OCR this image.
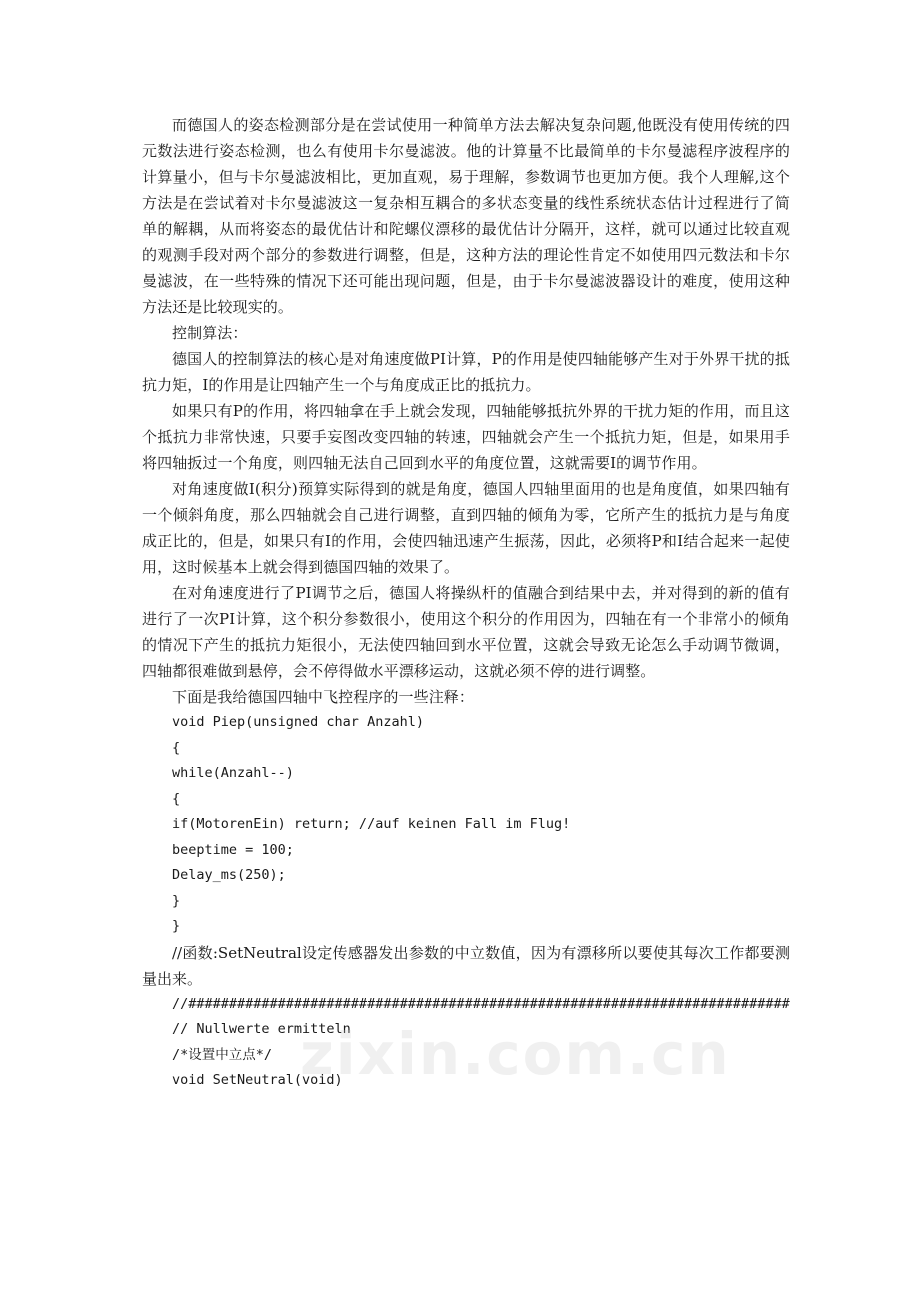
而德国人的姿态检测部分是在尝试使用一种简单方法去解决复杂问题,他既没有使用传统的四元数法进行姿态检测，也么有使用卡尔曼滤波。他的计算量不比最简单的卡尔曼滤程序波程序的计算量小，但与卡尔曼滤波相比，更加直观，易于理解，参数调节也更加方便。我个人理解,这个方法是在尝试着对卡尔曼滤波这一复杂相互耦合的多状态变量的线性系统状态估计过程进行了简单的解耦，从而将姿态的最优估计和陀螺仪漂移的最优估计分隔开，这样，就可以通过比较直观的观测手段对两个部分的参数进行调整，但是，这种方法的理论性肯定不如使用四元数法和卡尔曼滤波，在一些特殊的情况下还可能出现问题，但是，由于卡尔曼滤波器设计的难度，使用这种方法还是比较现实的。

控制算法：

德国人的控制算法的核心是对角速度做PI计算，P的作用是使四轴能够产生对于外界干扰的抵抗力矩，I的作用是让四轴产生一个与角度成正比的抵抗力。

如果只有P的作用，将四轴拿在手上就会发现，四轴能够抵抗外界的干扰力矩的作用，而且这个抵抗力非常快速，只要手妄图改变四轴的转速，四轴就会产生一个抵抗力矩，但是，如果用手将四轴扳过一个角度，则四轴无法自己回到水平的角度位置，这就需要I的调节作用。

对角速度做I(积分)预算实际得到的就是角度，德国人四轴里面用的也是角度值，如果四轴有一个倾斜角度，那么四轴就会自己进行调整，直到四轴的倾角为零，它所产生的抵抗力是与角度成正比的，但是，如果只有I的作用，会使四轴迅速产生振荡，因此，必须将P和I结合起来一起使用，这时候基本上就会得到德国四轴的效果了。

在对角速度进行了PI调节之后，德国人将操纵杆的值融合到结果中去，并对得到的新的值有进行了一次PI计算，这个积分参数很小，使用这个积分的作用因为，四轴在有一个非常小的倾角的情况下产生的抵抗力矩很小，无法使四轴回到水平位置，这就会导致无论怎么手动调节微调，四轴都很难做到悬停，会不停得做水平漂移运动，这就必须不停的进行调整。

下面是我给德国四轴中飞控程序的一些注释：

void Piep(unsigned char Anzahl)

{

while(Anzahl--)

{

if(MotorenEin) return; //auf keinen Fall im Flug!

beeptime = 100;

Delay_ms(250);

}

}

//函数:SetNeutral设定传感器发出参数的中立数值，因为有漂移所以要使其每次工作都要测量出来。

//##########################################################################

// Nullwerte ermitteln

/*设置中立点*/

void SetNeutral(void)

zixin.com.cn
